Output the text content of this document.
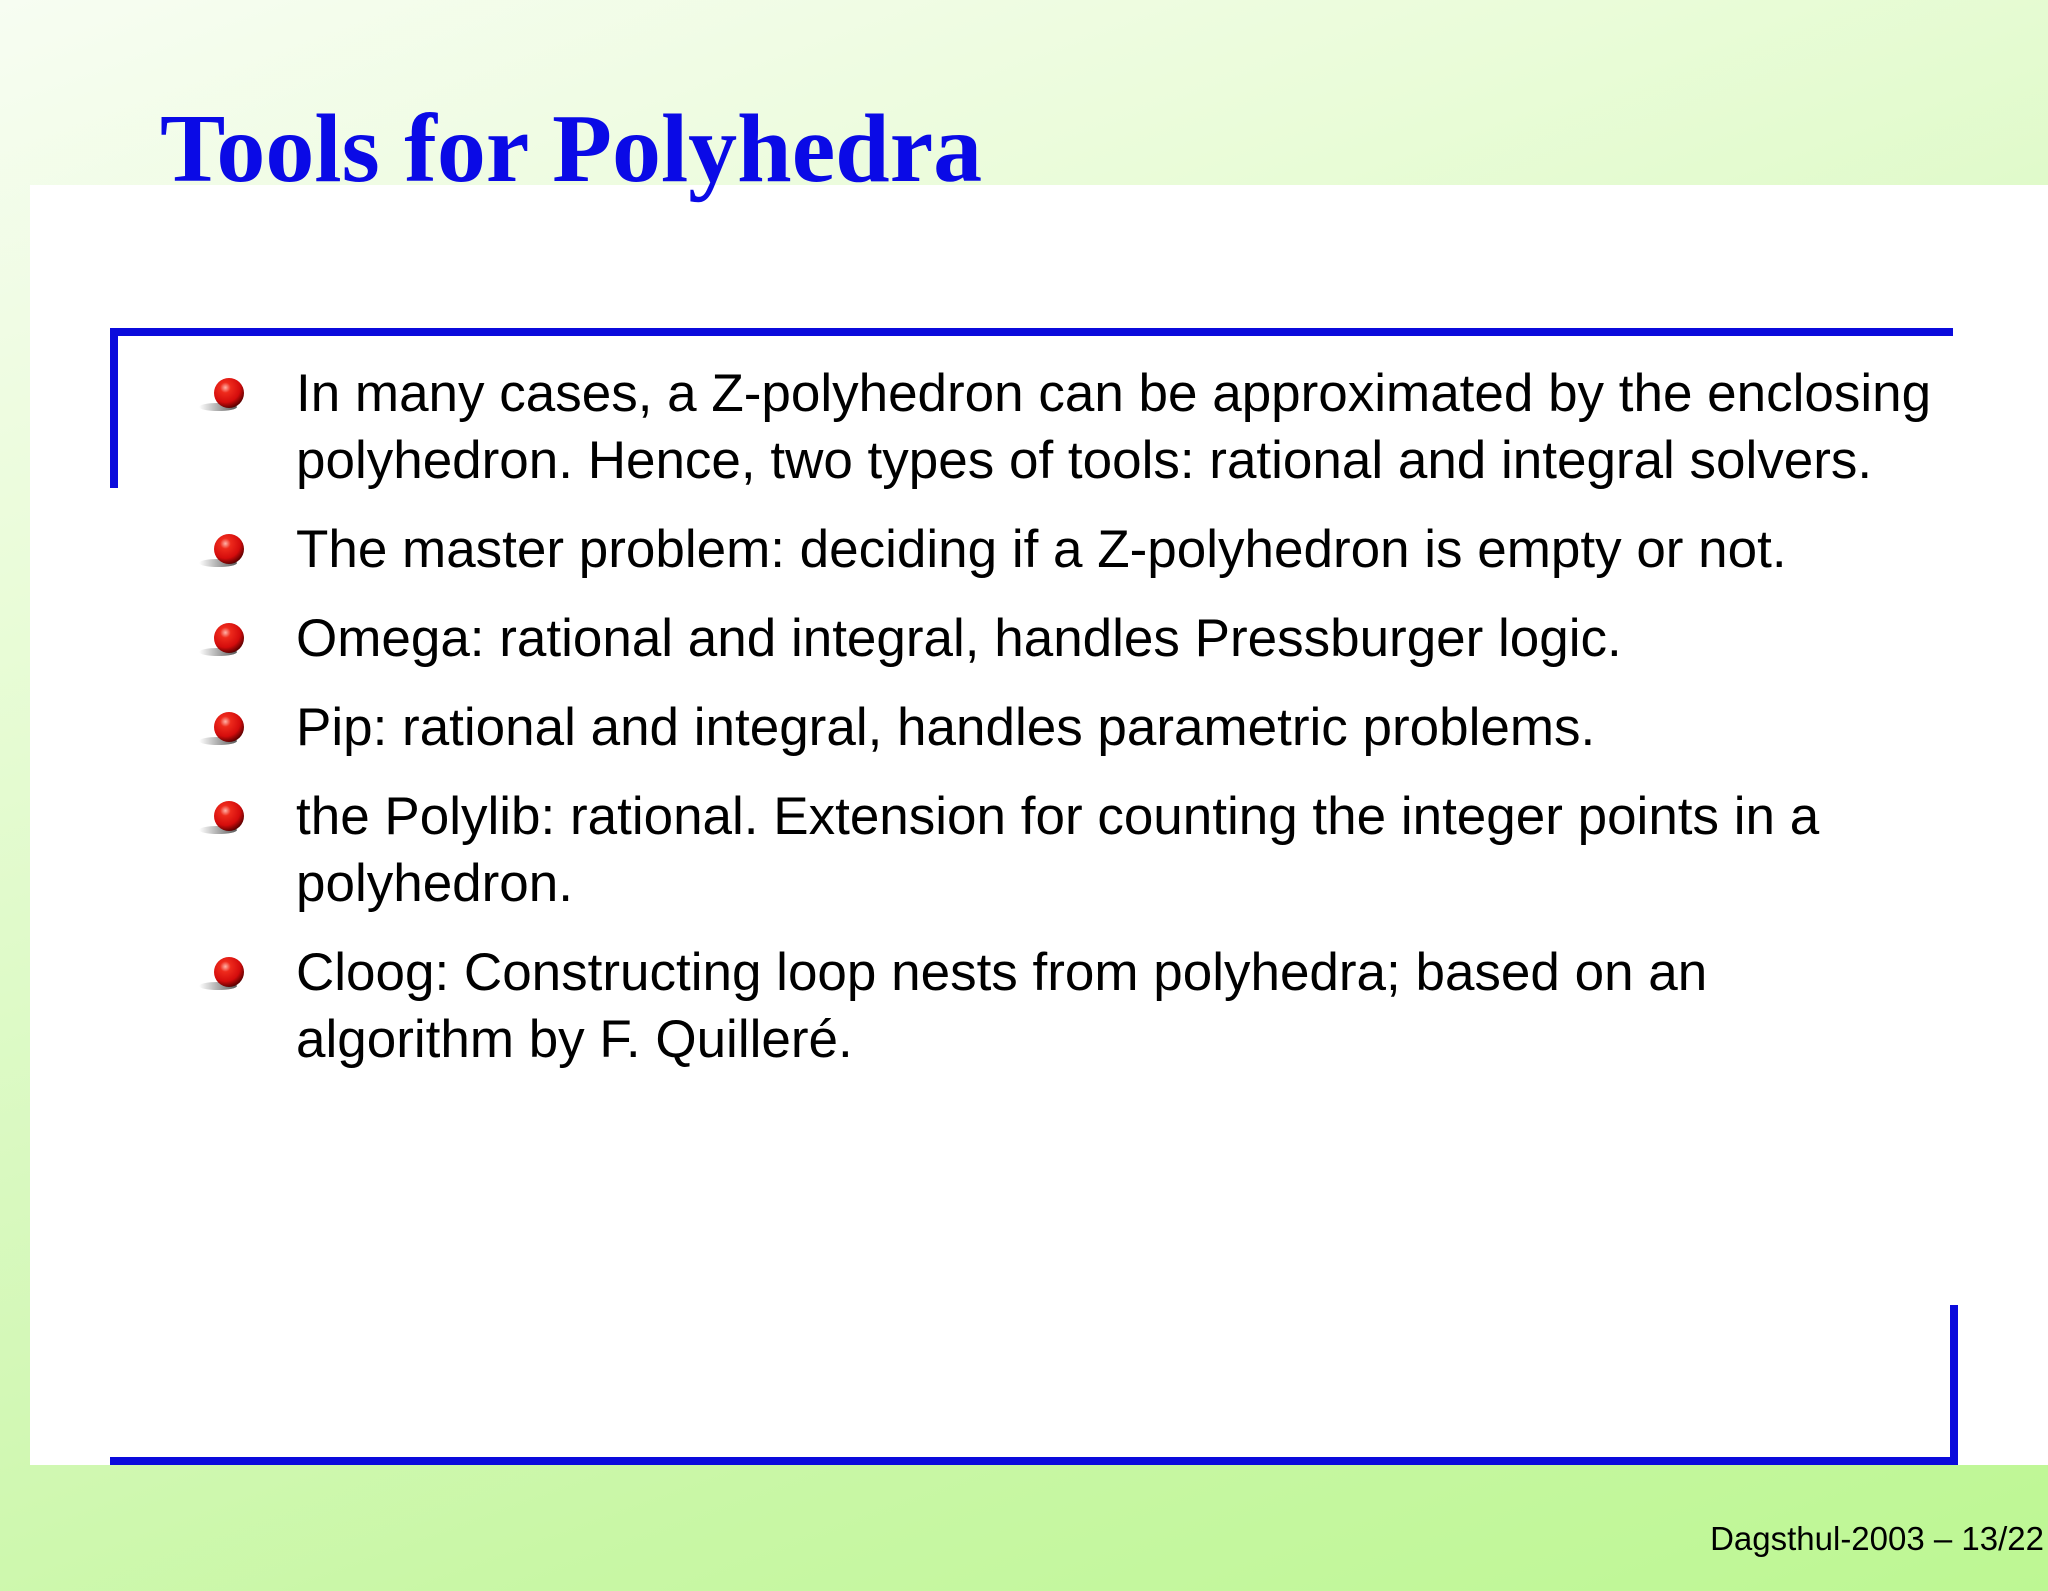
Tools for Polyhedra
In many cases, a Z-polyhedron can be approximated by the enclosing polyhedron. Hence, two types of tools: rational and integral solvers.
The master problem: deciding if a Z-polyhedron is empty or not.
Omega: rational and integral, handles Pressburger logic.
Pip: rational and integral, handles parametric problems.
the Polylib: rational. Extension for counting the integer points in a polyhedron.
Cloog: Constructing loop nests from polyhedra; based on an algorithm by F. Quilleré.
Dagsthul-2003 – 13/22
